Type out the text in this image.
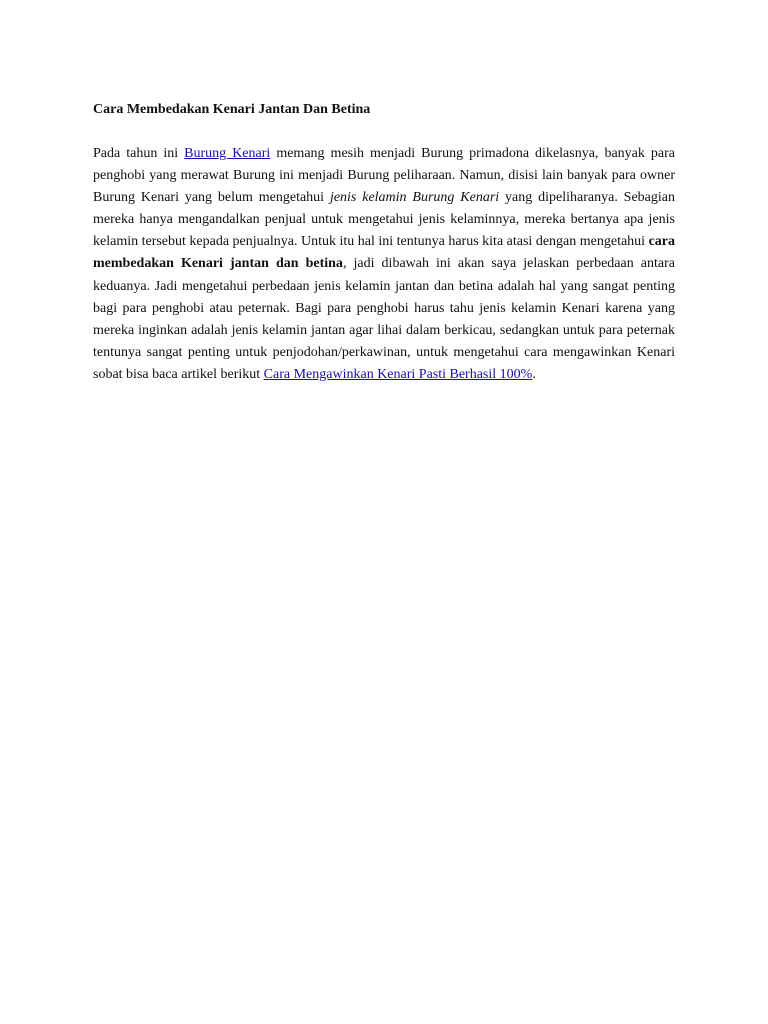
Cara Membedakan Kenari Jantan Dan Betina

Pada tahun ini Burung Kenari memang mesih menjadi Burung primadona dikelasnya, banyak para penghobi yang merawat Burung ini menjadi Burung peliharaan. Namun, disisi lain banyak para owner Burung Kenari yang belum mengetahui jenis kelamin Burung Kenari yang dipeliharanya. Sebagian mereka hanya mengandalkan penjual untuk mengetahui jenis kelaminnya, mereka bertanya apa jenis kelamin tersebut kepada penjualnya. Untuk itu hal ini tentunya harus kita atasi dengan mengetahui cara membedakan Kenari jantan dan betina, jadi dibawah ini akan saya jelaskan perbedaan antara keduanya. Jadi mengetahui perbedaan jenis kelamin jantan dan betina adalah hal yang sangat penting bagi para penghobi atau peternak. Bagi para penghobi harus tahu jenis kelamin Kenari karena yang mereka inginkan adalah jenis kelamin jantan agar lihai dalam berkicau, sedangkan untuk para peternak tentunya sangat penting untuk penjodohan/perkawinan, untuk mengetahui cara mengawinkan Kenari sobat bisa baca artikel berikut Cara Mengawinkan Kenari Pasti Berhasil 100%.
